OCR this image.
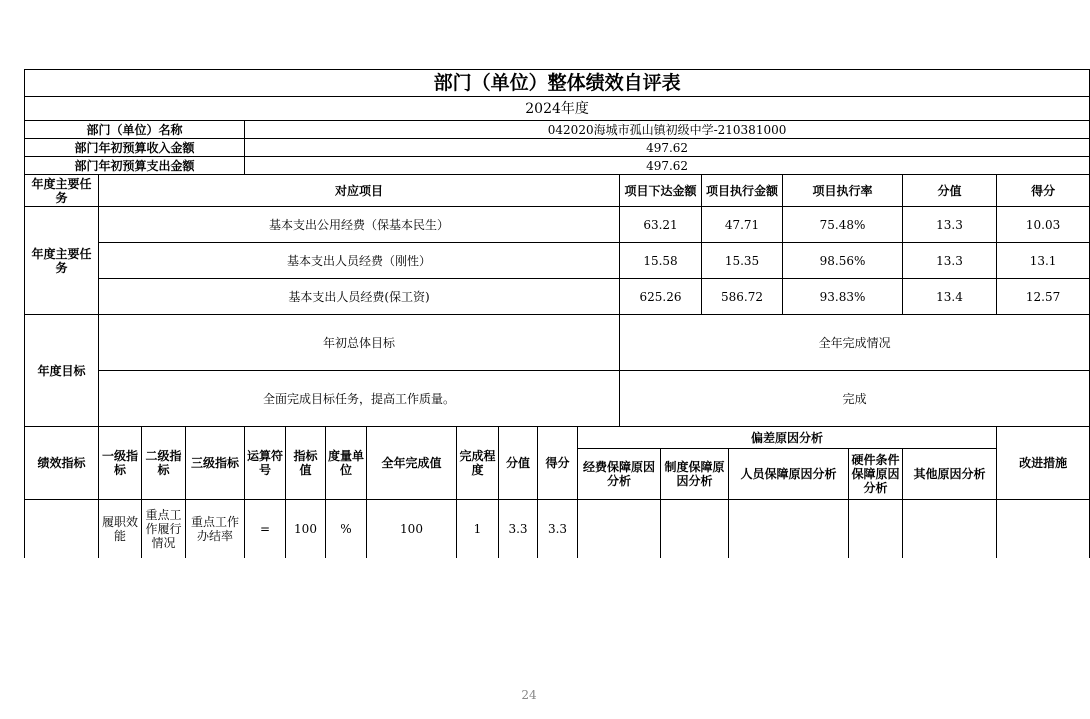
部门（单位）整体绩效自评表																			
2024年度																			
部门（单位）名称				042020海城市孤山镇初级中学-210381000															
部门年初预算收入金额				497.62															
部门年初预算支出金额				497.62															
年度主要任务	对应项目											项目下达金额		项目执行金额		项目执行率		分值	得分
年度主要任务	基本支出公用经费（保基本民生）											63.21		47.71		75.48%		13.3	10.03
	基本支出人员经费（刚性）											15.58		15.35		98.56%		13.3	13.1
	基本支出人员经费(保工资)											625.26		586.72		93.83%		13.4	12.57
年度目标	年初总体目标											全年完成情况							
	全面完成目标任务，提高工作质量。											完成							
绩效指标	一级指标	二级指标	三级指标	运算符号	指标值	度量单位	全年完成值	完成程度	分值	得分	偏差原因分析								改进措施
											经费保障原因分析		制度保障原因分析		人员保障原因分析		硬件条件保障原因分析	其他原因分析	
	履职效能	重点工作履行情况	重点工作办结率	=	100	%	100	1	3.3	3.3									
24
